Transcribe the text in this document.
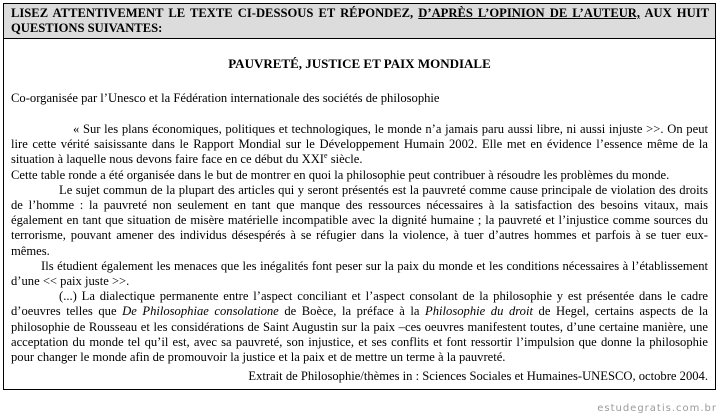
LISEZ ATTENTIVEMENT LE TEXTE CI-DESSOUS ET RÉPONDEZ, D’APRÈS L’OPINION DE L’AUTEUR, AUX HUIT QUESTIONS SUIVANTES:
PAUVRETÉ, JUSTICE ET PAIX MONDIALE
Co-organisée par l’Unesco et la Fédération internationale des sociétés de philosophie

« Sur les plans économiques, politiques et technologiques, le monde n’a jamais paru aussi libre, ni aussi injuste >>. On peut lire cette vérité saisissante dans le Rapport Mondial sur le Développement Humain 2002. Elle met en évidence l’essence même de la situation à laquelle nous devons faire face en ce début du XXIe siècle.

Cette table ronde a été organisée dans le but de montrer en quoi la philosophie peut contribuer à résoudre les problèmes du monde.

Le sujet commun de la plupart des articles qui y seront présentés est la pauvreté comme cause principale de violation des droits de l’homme : la pauvreté non seulement en tant que manque des ressources nécessaires à la satisfaction des besoins vitaux, mais également en tant que situation de misère matérielle incompatible avec la dignité humaine ; la pauvreté et l’injustice comme sources du terrorisme, pouvant amener des individus désespérés à se réfugier dans la violence, à tuer d’autres hommes et parfois à se tuer eux-mêmes.

Ils étudient également les menaces que les inégalités font peser sur la paix du monde et les conditions nécessaires à l’établissement d’une << paix juste >>.

(...) La dialectique permanente entre l’aspect conciliant et l’aspect consolant de la philosophie y est présentée dans le cadre d’oeuvres telles que De Philosophiae consolatione de Boèce, la préface à la Philosophie du droit de Hegel, certains aspects de la philosophie de Rousseau et les considérations de Saint Augustin sur la paix –ces oeuvres manifestent toutes, d’une certaine manière, une acceptation du monde tel qu’il est, avec sa pauvreté, son injustice, et ses conflits et font ressortir l’impulsion que donne la philosophie pour changer le monde afin de promouvoir la justice et la paix et de mettre un terme à la pauvreté.

Extrait de Philosophie/thèmes in : Sciences Sociales et Humaines-UNESCO, octobre 2004.
estudegratis.com.br
